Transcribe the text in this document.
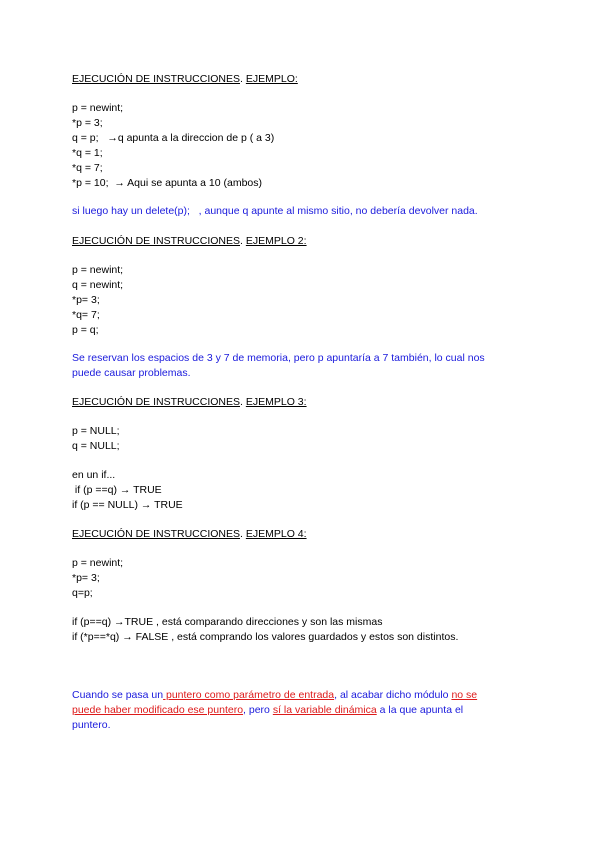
EJECUCIÓN DE INSTRUCCIONES. EJEMPLO:
p = newint;
*p = 3;
q = p;   →q apunta a la direccion de p ( a 3)
*q = 1;
*q = 7;
*p = 10;  → Aqui se apunta a 10 (ambos)
si luego hay un delete(p);   , aunque q apunte al mismo sitio, no debería devolver nada.
EJECUCIÓN DE INSTRUCCIONES. EJEMPLO 2:
p = newint;
q = newint;
*p= 3;
*q= 7;
p = q;
Se reservan los espacios de 3 y 7 de memoria, pero p apuntaría a 7 también, lo cual nos
puede causar problemas.
EJECUCIÓN DE INSTRUCCIONES. EJEMPLO 3:
p = NULL;
q = NULL;
en un if...
if (p ==q) → TRUE
if (p == NULL) → TRUE
EJECUCIÓN DE INSTRUCCIONES. EJEMPLO 4:
p = newint;
*p= 3;
q=p;
if (p==q) →TRUE , está comparando direcciones y son las mismas
if (*p==*q) → FALSE , está comprando los valores guardados y estos son distintos.
Cuando se pasa un puntero como parámetro de entrada, al acabar dicho módulo no se
puede haber modificado ese puntero, pero sí la variable dinámica a la que apunta el
puntero.
